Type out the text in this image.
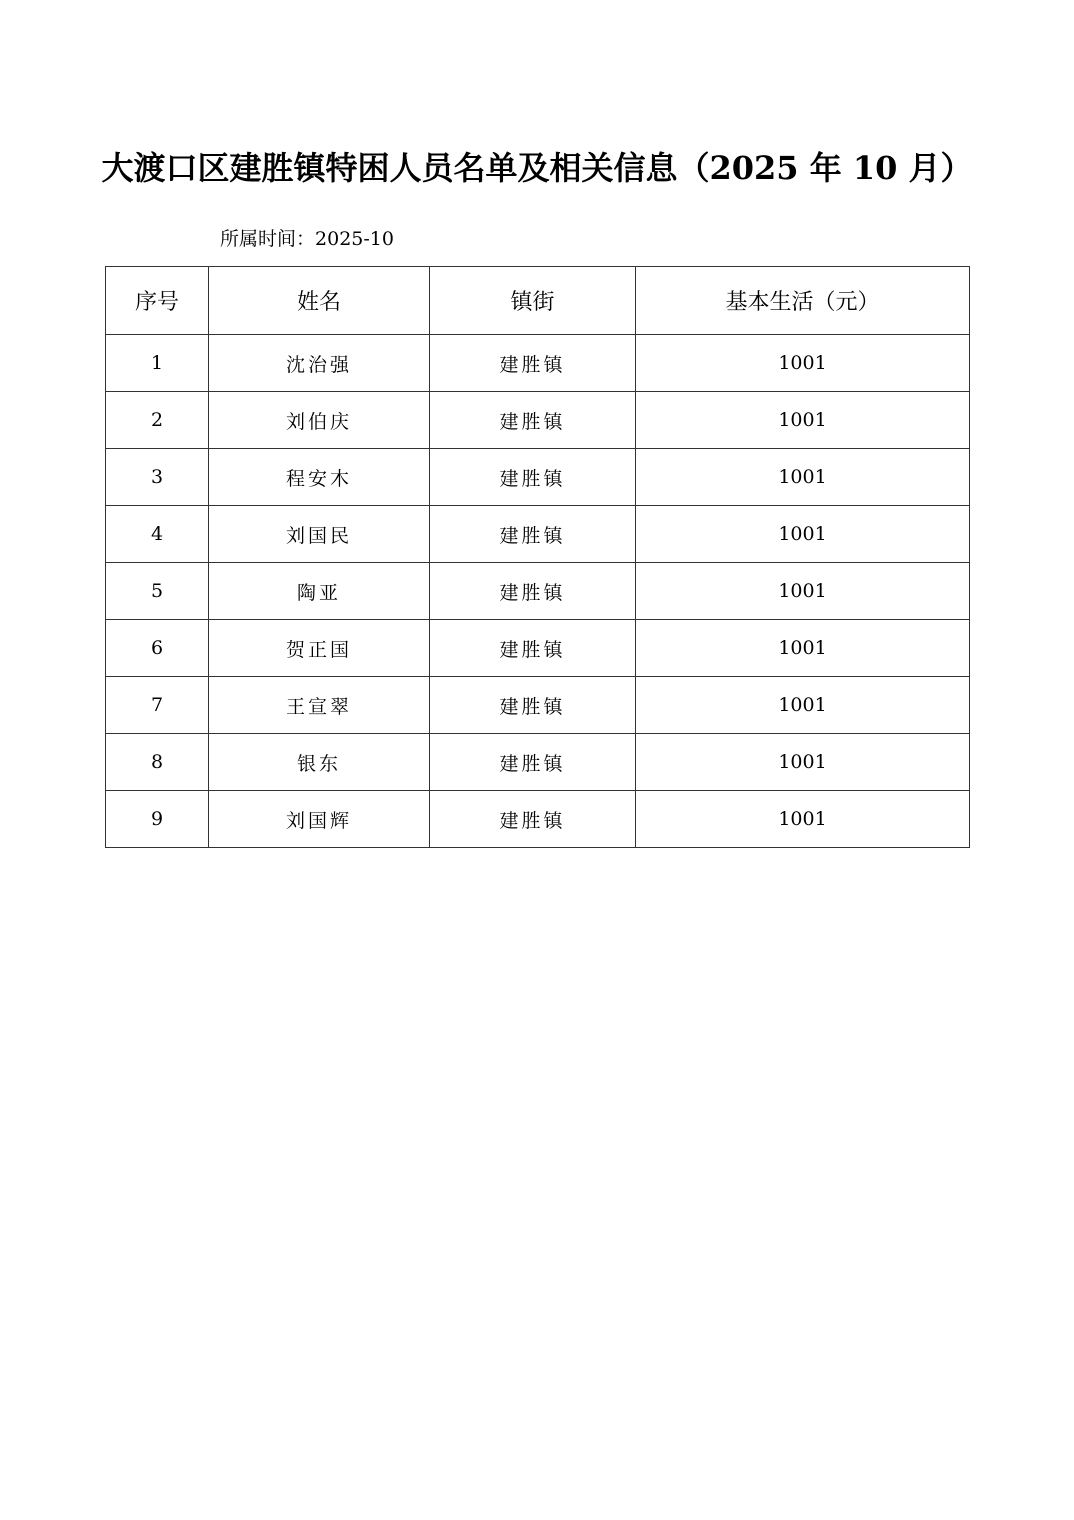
大渡口区建胜镇特困人员名单及相关信息（2025 年 10 月）
所属时间：2025-10
序号	姓名	镇街	基本生活（元）
1	沈治强	建胜镇	1001
2	刘伯庆	建胜镇	1001
3	程安木	建胜镇	1001
4	刘国民	建胜镇	1001
5	陶亚	建胜镇	1001
6	贺正国	建胜镇	1001
7	王宣翠	建胜镇	1001
8	银东	建胜镇	1001
9	刘国辉	建胜镇	1001
